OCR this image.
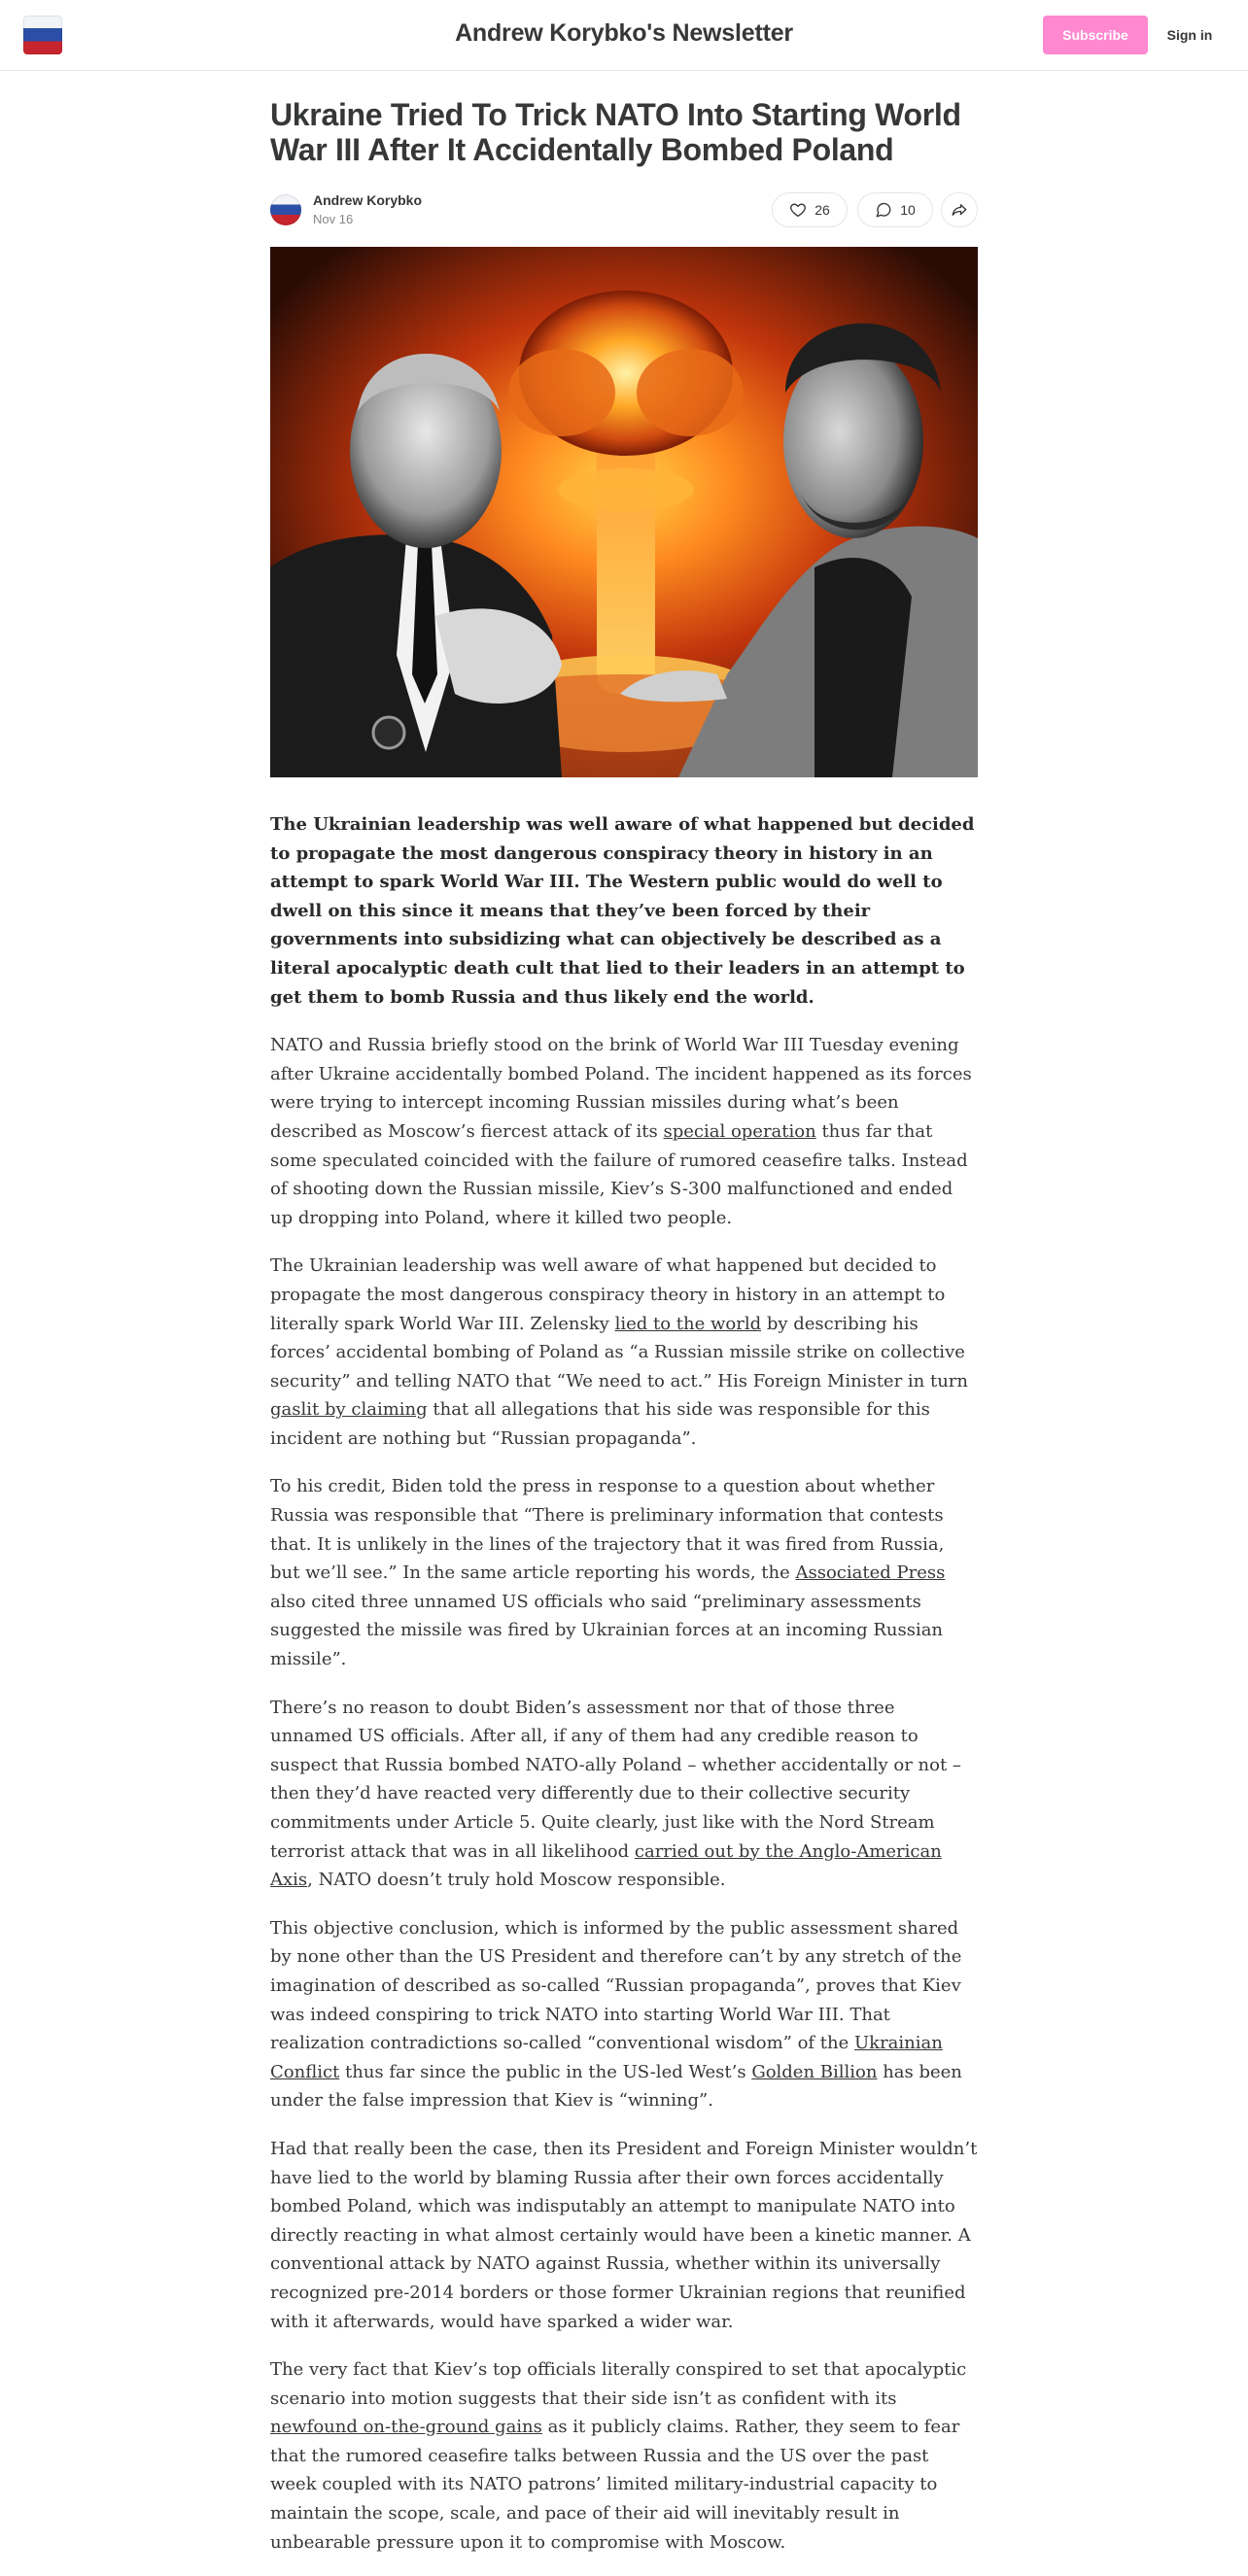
Andrew Korybko's Newsletter	Subscribe	Sign in
Ukraine Tried To Trick NATO Into Starting World War III After It Accidentally Bombed Poland
Andrew Korybko
Nov 16
26	10

The Ukrainian leadership was well aware of what happened but decided to propagate the most dangerous conspiracy theory in history in an attempt to spark World War III. The Western public would do well to dwell on this since it means that they’ve been forced by their governments into subsidizing what can objectively be described as a literal apocalyptic death cult that lied to their leaders in an attempt to get them to bomb Russia and thus likely end the world.

NATO and Russia briefly stood on the brink of World War III Tuesday evening after Ukraine accidentally bombed Poland. The incident happened as its forces were trying to intercept incoming Russian missiles during what’s been described as Moscow’s fiercest attack of its special operation thus far that some speculated coincided with the failure of rumored ceasefire talks. Instead of shooting down the Russian missile, Kiev’s S-300 malfunctioned and ended up dropping into Poland, where it killed two people.

The Ukrainian leadership was well aware of what happened but decided to propagate the most dangerous conspiracy theory in history in an attempt to literally spark World War III. Zelensky lied to the world by describing his forces’ accidental bombing of Poland as “a Russian missile strike on collective security” and telling NATO that “We need to act.” His Foreign Minister in turn gaslit by claiming that all allegations that his side was responsible for this incident are nothing but “Russian propaganda”.

To his credit, Biden told the press in response to a question about whether Russia was responsible that “There is preliminary information that contests that. It is unlikely in the lines of the trajectory that it was fired from Russia, but we’ll see.” In the same article reporting his words, the Associated Press also cited three unnamed US officials who said “preliminary assessments suggested the missile was fired by Ukrainian forces at an incoming Russian missile”.

There’s no reason to doubt Biden’s assessment nor that of those three unnamed US officials. After all, if any of them had any credible reason to suspect that Russia bombed NATO-ally Poland – whether accidentally or not – then they’d have reacted very differently due to their collective security commitments under Article 5. Quite clearly, just like with the Nord Stream terrorist attack that was in all likelihood carried out by the Anglo-American Axis, NATO doesn’t truly hold Moscow responsible.

This objective conclusion, which is informed by the public assessment shared by none other than the US President and therefore can’t by any stretch of the imagination of described as so-called “Russian propaganda”, proves that Kiev was indeed conspiring to trick NATO into starting World War III. That realization contradictions so-called “conventional wisdom” of the Ukrainian Conflict thus far since the public in the US-led West’s Golden Billion has been under the false impression that Kiev is “winning”.

Had that really been the case, then its President and Foreign Minister wouldn’t have lied to the world by blaming Russia after their own forces accidentally bombed Poland, which was indisputably an attempt to manipulate NATO into directly reacting in what almost certainly would have been a kinetic manner. A conventional attack by NATO against Russia, whether within its universally recognized pre-2014 borders or those former Ukrainian regions that reunified with it afterwards, would have sparked a wider war.

The very fact that Kiev’s top officials literally conspired to set that apocalyptic scenario into motion suggests that their side isn’t as confident with its newfound on-the-ground gains as it publicly claims. Rather, they seem to fear that the rumored ceasefire talks between Russia and the US over the past week coupled with its NATO patrons’ limited military-industrial capacity to maintain the scope, scale, and pace of their aid will inevitably result in unbearable pressure upon it to compromise with Moscow.
